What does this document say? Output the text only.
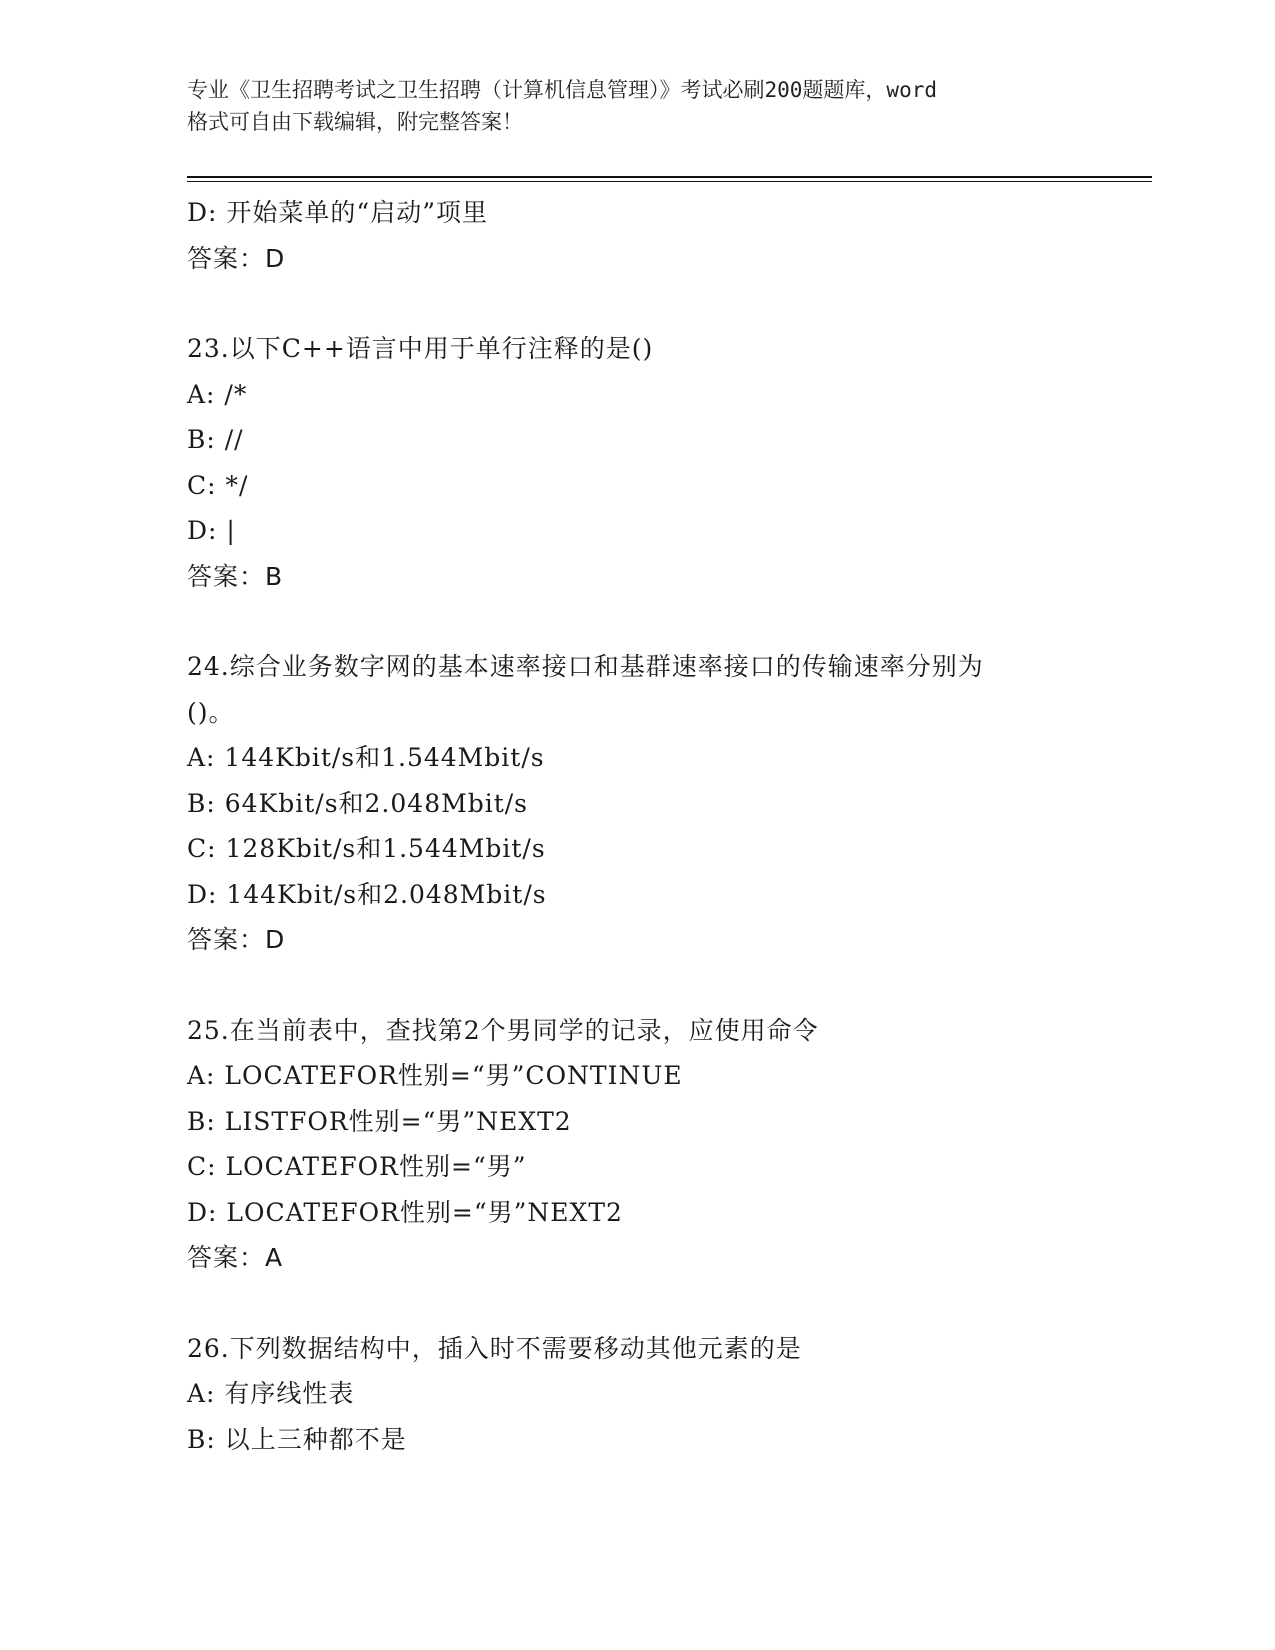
专业《卫生招聘考试之卫生招聘（计算机信息管理）》考试必刷200题题库，word
格式可自由下载编辑，附完整答案！
D: 开始菜单的“启动”项里
答案：D
23.以下C++语言中用于单行注释的是()
A: /*
B: //
C: */
D: |
答案：B
24.综合业务数字网的基本速率接口和基群速率接口的传输速率分别为
()。
A: 144Kbit/s和1.544Mbit/s
B: 64Kbit/s和2.048Mbit/s
C: 128Kbit/s和1.544Mbit/s
D: 144Kbit/s和2.048Mbit/s
答案：D
25.在当前表中，查找第2个男同学的记录，应使用命令
A: LOCATEFOR性别=“男”CONTINUE
B: LISTFOR性别=“男”NEXT2
C: LOCATEFOR性别=“男”
D: LOCATEFOR性别=“男”NEXT2
答案：A
26.下列数据结构中，插入时不需要移动其他元素的是
A: 有序线性表
B: 以上三种都不是
